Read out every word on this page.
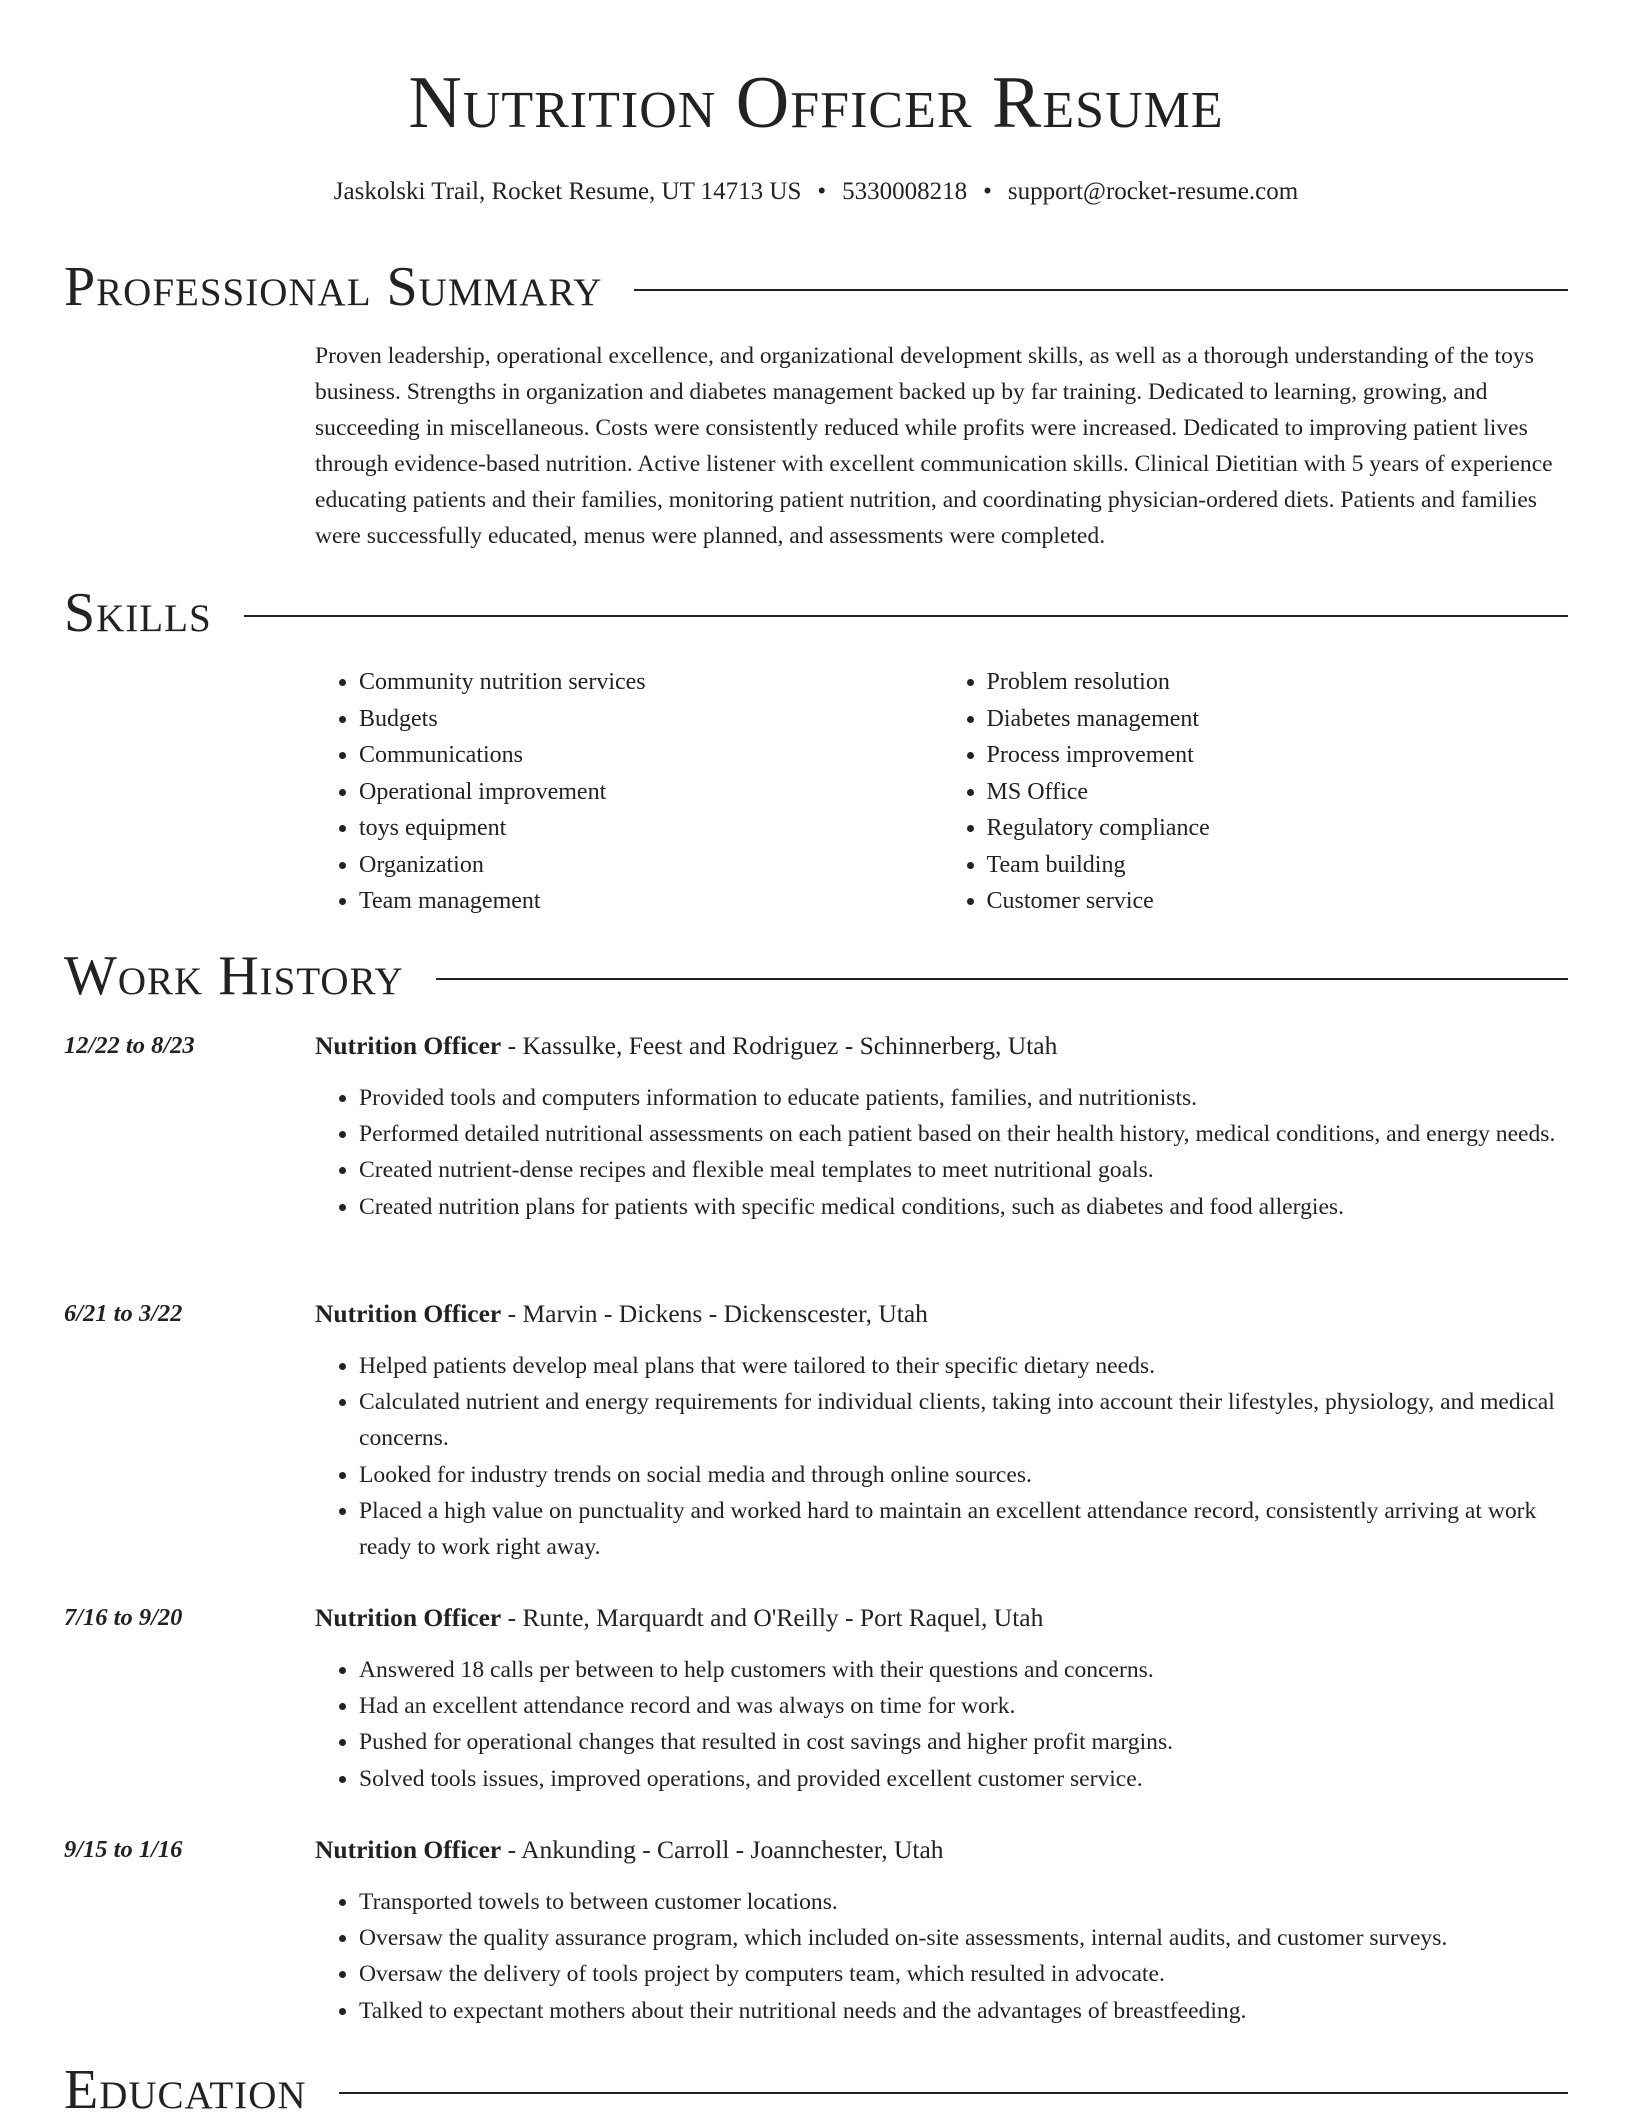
Nutrition Officer Resume
Jaskolski Trail, Rocket Resume, UT 14713 US • 5330008218 • support@rocket-resume.com
Professional Summary

Proven leadership, operational excellence, and organizational development skills, as well as a thorough understanding of the toys business. Strengths in organization and diabetes management backed up by far training. Dedicated to learning, growing, and succeeding in miscellaneous. Costs were consistently reduced while profits were increased. Dedicated to improving patient lives through evidence-based nutrition. Active listener with excellent communication skills. Clinical Dietitian with 5 years of experience educating patients and their families, monitoring patient nutrition, and coordinating physician-ordered diets. Patients and families were successfully educated, menus were planned, and assessments were completed.

Skills
• Community nutrition services
• Budgets
• Communications
• Operational improvement
• toys equipment
• Organization
• Team management
• Problem resolution
• Diabetes management
• Process improvement
• MS Office
• Regulatory compliance
• Team building
• Customer service
Work History
12/22 to 8/23	Nutrition Officer - Kassulke, Feest and Rodriguez - Schinnerberg, Utah
• Provided tools and computers information to educate patients, families, and nutritionists.
• Performed detailed nutritional assessments on each patient based on their health history, medical conditions, and energy needs.
• Created nutrient-dense recipes and flexible meal templates to meet nutritional goals.
• Created nutrition plans for patients with specific medical conditions, such as diabetes and food allergies.
6/21 to 3/22	Nutrition Officer - Marvin - Dickens - Dickenscester, Utah
• Helped patients develop meal plans that were tailored to their specific dietary needs.
• Calculated nutrient and energy requirements for individual clients, taking into account their lifestyles, physiology, and medical concerns.
• Looked for industry trends on social media and through online sources.
• Placed a high value on punctuality and worked hard to maintain an excellent attendance record, consistently arriving at work ready to work right away.
7/16 to 9/20	Nutrition Officer - Runte, Marquardt and O'Reilly - Port Raquel, Utah
• Answered 18 calls per between to help customers with their questions and concerns.
• Had an excellent attendance record and was always on time for work.
• Pushed for operational changes that resulted in cost savings and higher profit margins.
• Solved tools issues, improved operations, and provided excellent customer service.
9/15 to 1/16	Nutrition Officer - Ankunding - Carroll - Joannchester, Utah
• Transported towels to between customer locations.
• Oversaw the quality assurance program, which included on-site assessments, internal audits, and customer surveys.
• Oversaw the delivery of tools project by computers team, which resulted in advocate.
• Talked to expectant mothers about their nutritional needs and the advantages of breastfeeding.
Education
